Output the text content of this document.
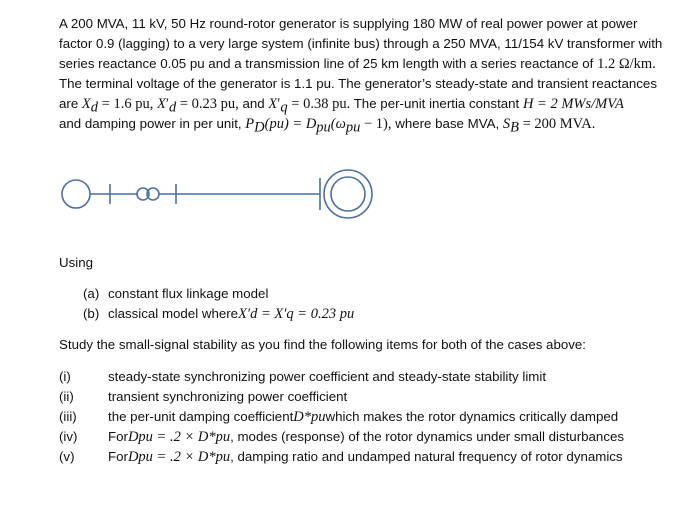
A 200 MVA, 11 kV, 50 Hz round-rotor generator is supplying 180 MW of real power power at power

factor 0.9 (lagging) to a very large system (infinite bus) through a 250 MVA, 11/154 kV transformer with

series reactance 0.05 pu and a transmission line of 25 km length with a series reactance of 1.2 Ω/km.

The terminal voltage of the generator is 1.1 pu. The generator’s steady-state and transient reactances

are $X_d = 1.6$ pu, $X'_d = 0.23$ pu, and $X'_q = 0.38$ pu. The per-unit inertia constant H = 2 MWs/MVA

and damping power in per unit, $P_D(pu) = D_{pu}(\omega_{pu} - 1)$, where base MVA, $S_B = 200$ MVA.

Using

(a) constant flux linkage model
(b) classical model where X′d = X′q = 0.23 pu

Study the small-signal stability as you find the following items for both of the cases above:

(i)	steady-state synchronizing power coefficient and steady-state stability limit
(ii)	transient synchronizing power coefficient
(iii)	the per-unit damping coefficient D*pu which makes the rotor dynamics critically damped
(iv)	For Dpu = .2 × D*pu , modes (response) of the rotor dynamics under small disturbances
(v)	For Dpu = .2 × D*pu , damping ratio and undamped natural frequency of rotor dynamics
